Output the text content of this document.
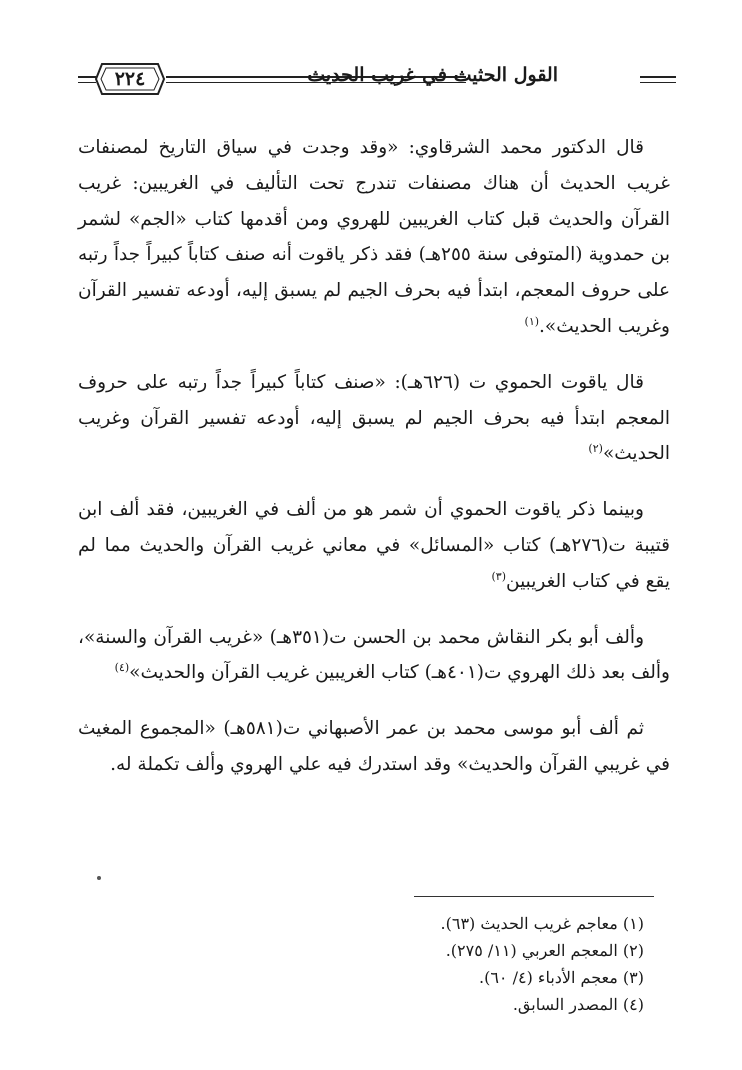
٢٢٤	القول الحثيث في غريب الحديث

قال الدكتور محمد الشرقاوي: «وقد وجدت في سياق التاريخ لمصنفات غريب الحديث أن هناك مصنفات تندرج تحت التأليف في الغريبين: غريب القرآن والحديث قبل كتاب الغريبين للهروي ومن أقدمها كتاب «الجم» لشمر بن حمدوية (المتوفى سنة ٢٥٥هـ) فقد ذكر ياقوت أنه صنف كتاباً كبيراً جداً رتبه على حروف المعجم، ابتدأ فيه بحرف الجيم لم يسبق إليه، أودعه تفسير القرآن وغريب الحديث».$^{(١)}$

قال ياقوت الحموي ت (٦٢٦هـ): «صنف كتاباً كبيراً جداً رتبه على حروف المعجم ابتدأ فيه بحرف الجيم لم يسبق إليه، أودعه تفسير القرآن وغريب الحديث»$^{(٢)}$

وبينما ذكر ياقوت الحموي أن شمر هو من ألف في الغريبين، فقد ألف ابن قتيبة ت(٢٧٦هـ) كتاب «المسائل» في معاني غريب القرآن والحديث مما لم يقع في كتاب الغريبين$^{(٣)}$

وألف أبو بكر النقاش محمد بن الحسن ت(٣٥١هـ) «غريب القرآن والسنة»، وألف بعد ذلك الهروي ت(٤٠١هـ) كتاب الغريبين غريب القرآن والحديث»$^{(٤)}$

ثم ألف أبو موسى محمد بن عمر الأصبهاني ت(٥٨١هـ) «المجموع المغيث في غريبي القرآن والحديث» وقد استدرك فيه علي الهروي وألف تكملة له.

(١) معاجم غريب الحديث (٦٣).
(٢) المعجم العربي (١١/ ٢٧٥).
(٣) معجم الأدباء (٤/ ٦٠).
(٤) المصدر السابق.
